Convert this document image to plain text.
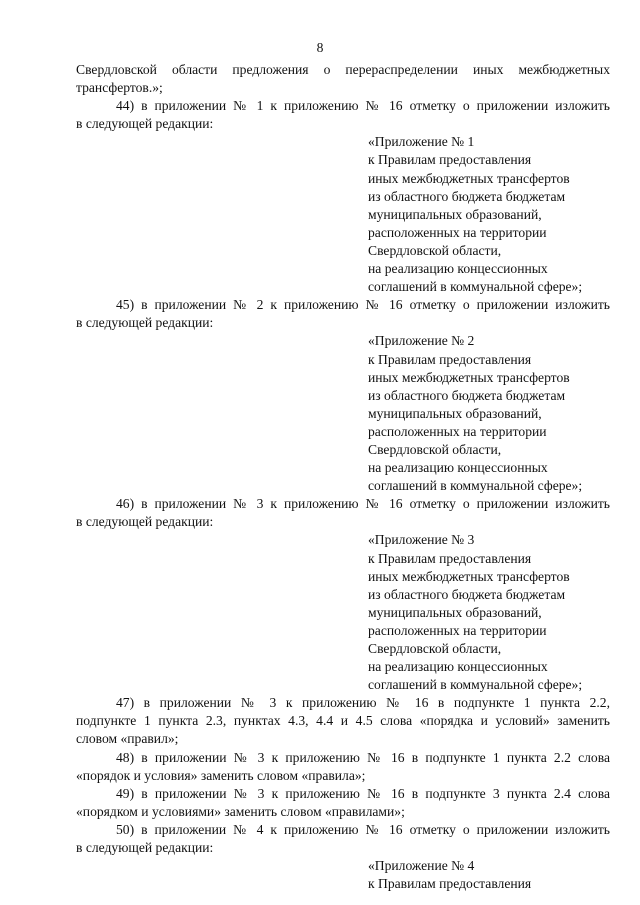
8
Свердловской области предложения о перераспределении иных межбюджетных
трансфертов.»;
44) в приложении № 1 к приложению № 16 отметку о приложении изложить
в следующей редакции:
«Приложение № 1
к Правилам предоставления
иных межбюджетных трансфертов
из областного бюджета бюджетам
муниципальных образований,
расположенных на территории
Свердловской области,
на реализацию концессионных
соглашений в коммунальной сфере»;
45) в приложении № 2 к приложению № 16 отметку о приложении изложить
в следующей редакции:
«Приложение № 2
к Правилам предоставления
иных межбюджетных трансфертов
из областного бюджета бюджетам
муниципальных образований,
расположенных на территории
Свердловской области,
на реализацию концессионных
соглашений в коммунальной сфере»;
46) в приложении № 3 к приложению № 16 отметку о приложении изложить
в следующей редакции:
«Приложение № 3
к Правилам предоставления
иных межбюджетных трансфертов
из областного бюджета бюджетам
муниципальных образований,
расположенных на территории
Свердловской области,
на реализацию концессионных
соглашений в коммунальной сфере»;
47) в приложении № 3 к приложению № 16 в подпункте 1 пункта 2.2,
подпункте 1 пункта 2.3, пунктах 4.3, 4.4 и 4.5 слова «порядка и условий» заменить
словом «правил»;
48) в приложении № 3 к приложению № 16 в подпункте 1 пункта 2.2 слова
«порядок и условия» заменить словом «правила»;
49) в приложении № 3 к приложению № 16 в подпункте 3 пункта 2.4 слова
«порядком и условиями» заменить словом «правилами»;
50) в приложении № 4 к приложению № 16 отметку о приложении изложить
в следующей редакции:
«Приложение № 4
к Правилам предоставления
